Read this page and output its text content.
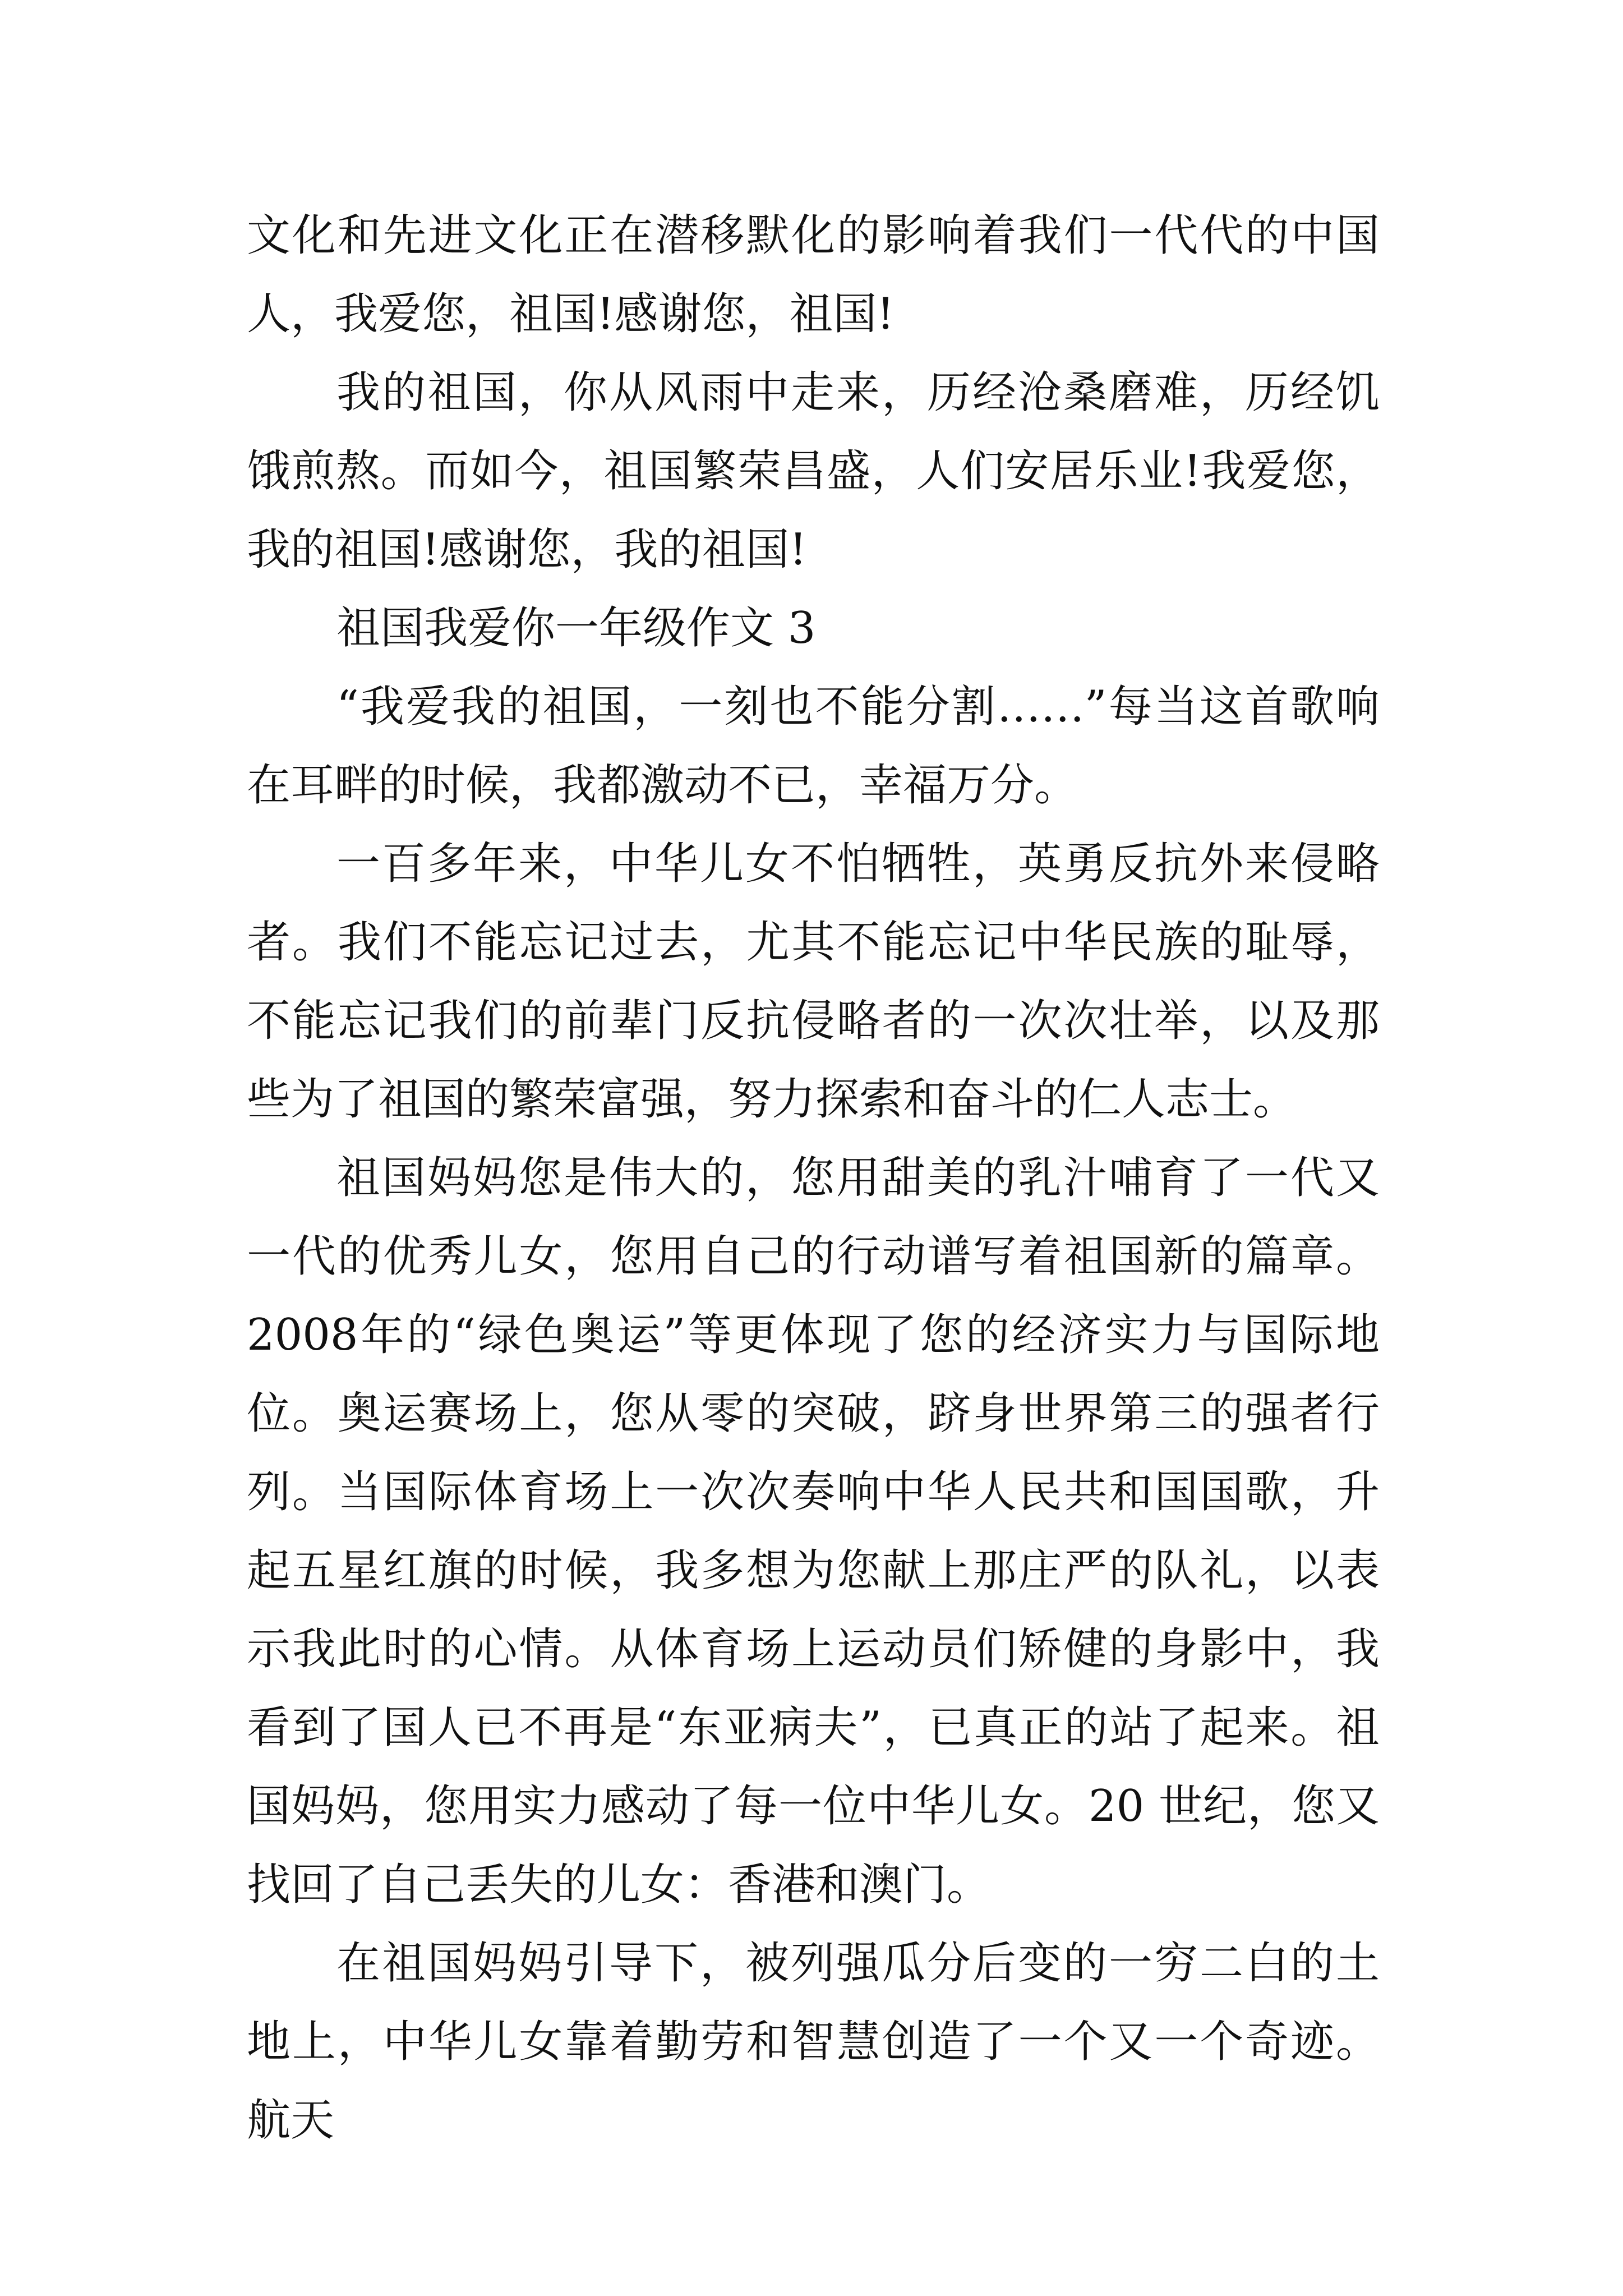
文化和先进文化正在潜移默化的影响着我们一代代的中国人，我爱您，祖国!感谢您，祖国!

我的祖国，你从风雨中走来，历经沧桑磨难，历经饥饿煎熬。而如今，祖国繁荣昌盛，人们安居乐业!我爱您，我的祖国!感谢您，我的祖国!

祖国我爱你一年级作文 3

“我爱我的祖国，一刻也不能分割……”每当这首歌响在耳畔的时候，我都激动不已，幸福万分。

一百多年来，中华儿女不怕牺牲，英勇反抗外来侵略者。我们不能忘记过去，尤其不能忘记中华民族的耻辱，不能忘记我们的前辈门反抗侵略者的一次次壮举，以及那些为了祖国的繁荣富强，努力探索和奋斗的仁人志士。

祖国妈妈您是伟大的，您用甜美的乳汁哺育了一代又一代的优秀儿女，您用自己的行动谱写着祖国新的篇章。2008年的“绿色奥运”等更体现了您的经济实力与国际地位。奥运赛场上，您从零的突破，跻身世界第三的强者行列。当国际体育场上一次次奏响中华人民共和国国歌，升起五星红旗的时候，我多想为您献上那庄严的队礼，以表示我此时的心情。从体育场上运动员们矫健的身影中，我看到了国人已不再是“东亚病夫”，已真正的站了起来。祖国妈妈，您用实力感动了每一位中华儿女。20 世纪，您又找回了自己丢失的儿女：香港和澳门。

在祖国妈妈引导下，被列强瓜分后变的一穷二白的土地上，中华儿女靠着勤劳和智慧创造了一个又一个奇迹。航天
